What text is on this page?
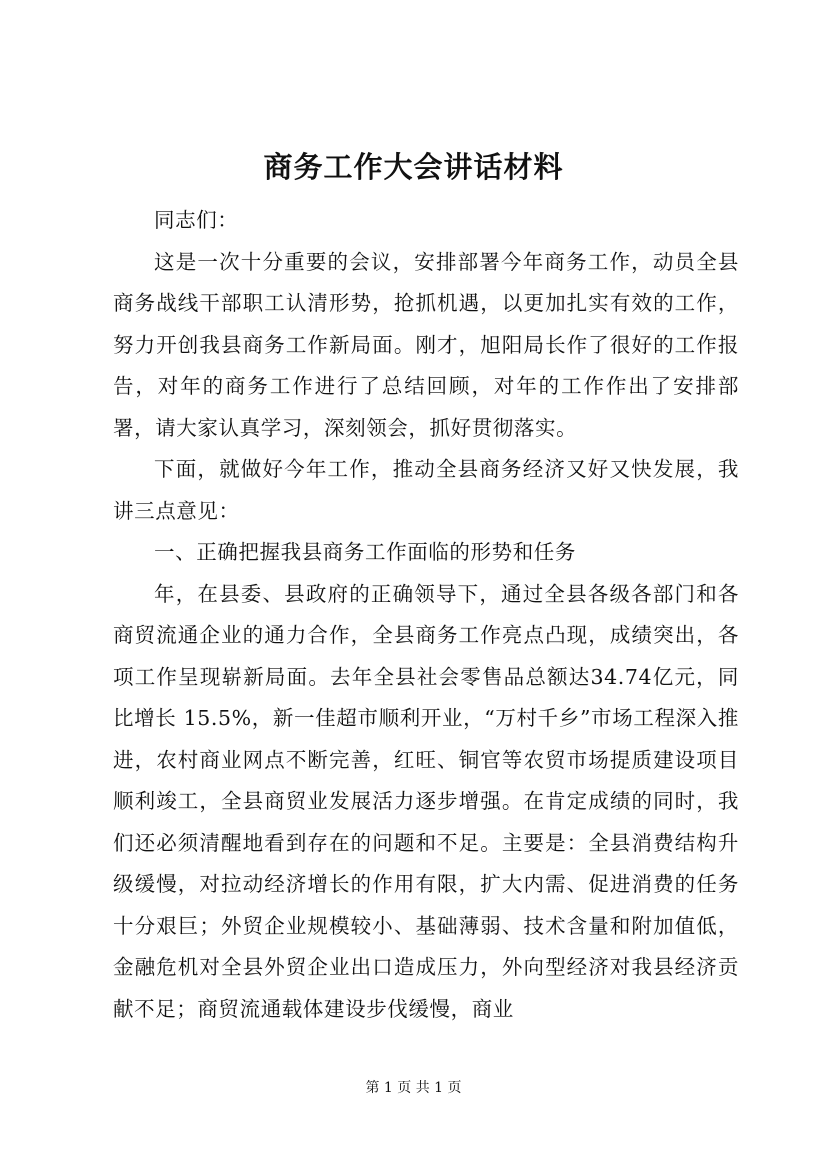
商务工作大会讲话材料

同志们：

这是一次十分重要的会议，安排部署今年商务工作，动员全县商务战线干部职工认清形势，抢抓机遇，以更加扎实有效的工作，努力开创我县商务工作新局面。刚才，旭阳局长作了很好的工作报告，对年的商务工作进行了总结回顾，对年的工作作出了安排部署，请大家认真学习，深刻领会，抓好贯彻落实。

下面，就做好今年工作，推动全县商务经济又好又快发展，我讲三点意见：

一、正确把握我县商务工作面临的形势和任务

年，在县委、县政府的正确领导下，通过全县各级各部门和各商贸流通企业的通力合作，全县商务工作亮点凸现，成绩突出，各项工作呈现崭新局面。去年全县社会零售品总额达34.74亿元，同比增长 15.5%，新一佳超市顺利开业，“万村千乡”市场工程深入推进，农村商业网点不断完善，红旺、铜官等农贸市场提质建设项目顺利竣工，全县商贸业发展活力逐步增强。在肯定成绩的同时，我们还必须清醒地看到存在的问题和不足。主要是：全县消费结构升级缓慢，对拉动经济增长的作用有限，扩大内需、促进消费的任务十分艰巨；外贸企业规模较小、基础薄弱、技术含量和附加值低，金融危机对全县外贸企业出口造成压力，外向型经济对我县经济贡献不足；商贸流通载体建设步伐缓慢，商业

第 1 页 共 1 页
